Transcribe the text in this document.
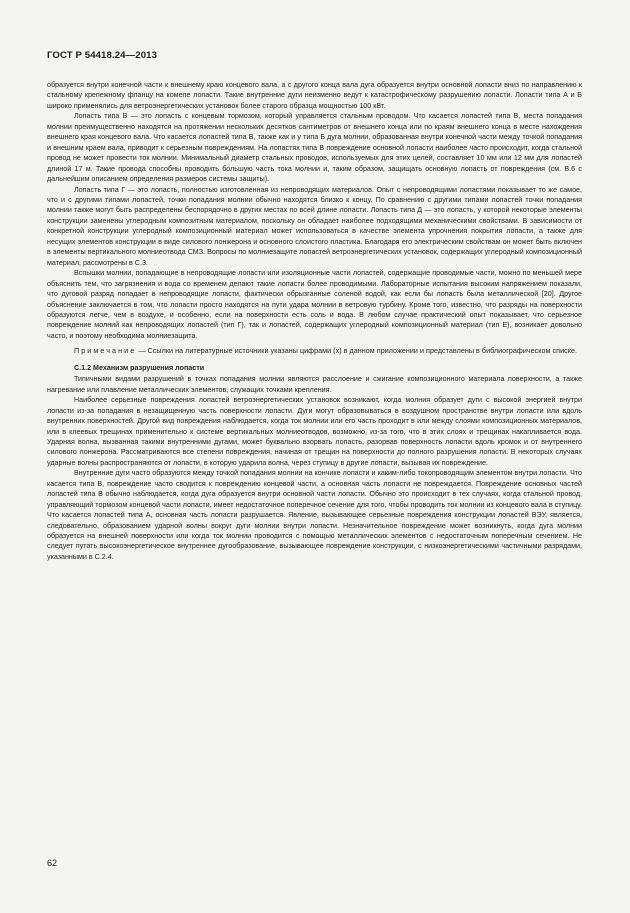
ГОСТ Р 54418.24—2013

образуется внутри конечной части к внешнему краю концевого вала, а с другого конца вала дуга образуется внутри основной лопасти вниз по направлению к стальному крепежному фланцу на комеле лопасти. Такие внутренние дуги неизменно ведут к катастрофическому разрушению лопасти. Лопасти типа А и Б широко применялись для ветроэнергетических установок более старого образца мощностью 100 кВт.

Лопасть типа В — это лопасть с концевым тормозом, который управляется стальным проводом. Что касается лопастей типа В, места попадания молнии преимущественно находятся на протяжении нескольких десятков сантиметров от внешнего конца или по краям внешнего конца в месте нахождения внешнего края концевого вала. Что касается лопастей типа В, также как и у типа Б дуга молнии, образованная внутри конечной части между точкой попадания и внешним краем вала, приводит к серьезным повреждениям. На лопастях типа В повреждение основной лопасти наиболее часто происходит, когда стальной провод не может провести ток молнии. Минимальный диаметр стальных проводов, используемых для этих целей, составляет 10 мм или 12 мм для лопастей длиной 17 м. Такие провода способны проводить большую часть тока молнии и, таким образом, защищать основную лопасть от повреждения (см. В.6 с дальнейшим описанием определения размеров системы защиты).

Лопасть типа Г — это лопасть, полностью изготовленная из непроводящих материалов. Опыт с непроводящими лопастями показывает то же самое, что и с другими типами лопастей, точки попадания молнии обычно находятся близко к концу. По сравнению с другими типами лопастей точки попадания молнии также могут быть распределены беспорядочно в других местах по всей длине лопасти. Лопасть типа Д — это лопасть, у которой некоторые элементы конструкции заменены углеродным композитным материалом, поскольку он обладает наиболее подходящими механическими свойствами. В зависимости от конкретной конструкции углеродный композиционный материал может использоваться в качестве элемента упрочнения покрытия лопасти, а также для несущих элементов конструкции в виде силового лонжерона и основного слоистого пластика. Благодаря его электрическим свойствам он может быть включен в элементы вертикального молниеотвода СМЗ. Вопросы по молниезащите лопастей ветроэнергетических установок, содержащих углеродный композиционный материал, рассмотрены в С.3.

Вспышки молнии, попадающие в непроводящие лопасти или изоляционные части лопастей, содержащие проводимые части, можно по меньшей мере объяснить тем, что загрязнения и вода со временем делают такие лопасти более проводимыми. Лабораторные испытания высоким напряжением показали, что дуговой разряд попадает в непроводящие лопасти, фактически обрызганные соленой водой, как если бы лопасть была металлической [20]. Другое объяснение заключается в том, что лопасти просто находятся на пути удара молнии в ветровую турбину. Кроме того, известно, что разряды на поверхности образуются легче, чем в воздухе, и особенно, если на поверхности есть соль и вода. В любом случае практический опыт показывает, что серьезное повреждение молний как непроводящих лопастей (тип Г), так и лопастей, содержащих углеродный композиционный материал (тип Е), возникает довольно часто, и поэтому необходима молниезащита.

Примечание — Ссылки на литературные источники указаны цифрами (х) в данном приложении и представлены в библиографическом списке.

С.1.2 Механизм разрушения лопасти

Типичными видами разрушений в точках попадания молнии являются расслоение и сжигание композиционного материала поверхности, а также нагревание или плавление металлических элементов, служащих точками крепления.

Наиболее серьезные повреждения лопастей ветроэнергетических установок возникают, когда молния образует дуги с высокой энергией внутри лопасти из-за попадания в незащищенную часть поверхности лопасти. Дуги могут образовываться в воздушном пространстве внутри лопасти или вдоль внутренних поверхностей. Другой вид повреждения наблюдается, когда ток молнии или его часть проходит в или между слоями композиционных материалов, или в клеевых трещинах применительно к системе вертикальных молниеотводов, возможно, из-за того, что в этих слоях и трещинах накапливается вода. Ударная волна, вызванная такими внутренними дугами, может буквально взорвать лопасть, разорвав поверхность лопасти вдоль кромок и от внутреннего силового лонжерона. Рассматриваются все степени повреждения, начиная от трещин на поверхности до полного разрушения лопасти. В некоторых случаях ударные волны распространяются от лопасти, в которую ударила волна, через ступицу в другие лопасти, вызывая их повреждение.

Внутренние дуги часто образуются между точкой попадания молнии на кончике лопасти и каким-либо токопроводящим элементом внутри лопасти. Что касается типа В, повреждение часто сводится к повреждению концевой части, а основная часть лопасти не повреждается. Повреждение основных частей лопастей типа В обычно наблюдается, когда дуга образуется внутри основной части лопасти. Обычно это происходит в тех случаях, когда стальной провод, управляющий тормозом концевой части лопасти, имеет недостаточное поперечное сечение для того, чтобы проводить ток молнии из концевого вала в ступицу. Что касается лопастей типа А, основная часть лопасти разрушается. Явление, вызывающее серьезные повреждения конструкции лопастей ВЭУ, является, следовательно, образованием ударной волны вокруг дуги молнии внутри лопасти. Незначительное повреждение может возникнуть, когда дуга молнии образуется на внешней поверхности или когда ток молнии проводится с помощью металлических элементов с недостаточным поперечным сечением. Не следует путать высокоэнергетическое внутреннее дугообразование, вызывающее повреждение конструкции, с низкоэнергетическими частичными разрядами, указанными в С.2.4.

62
